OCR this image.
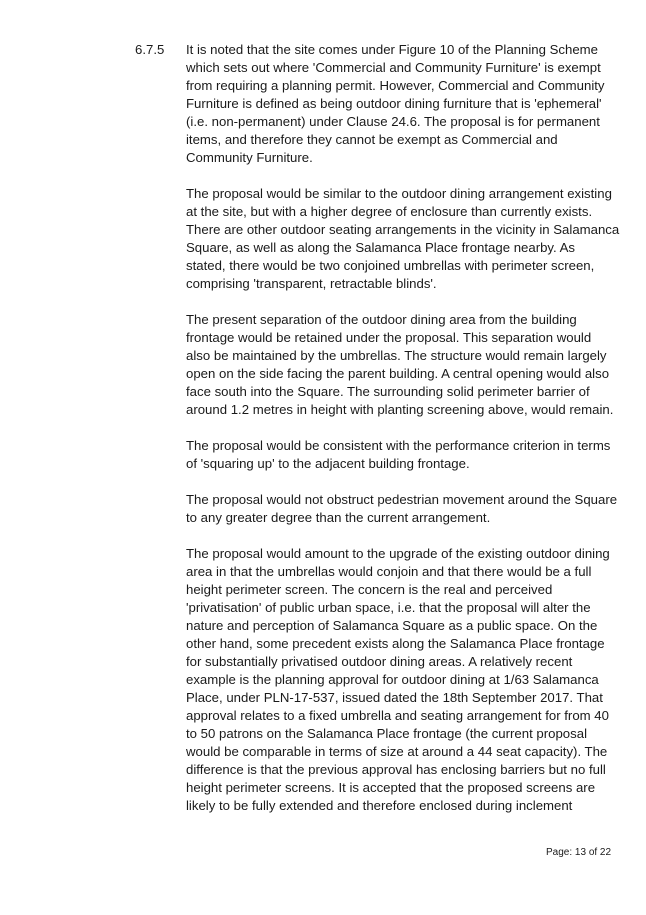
6.7.5 It is noted that the site comes under Figure 10 of the Planning Scheme
which sets out where 'Commercial and Community Furniture' is exempt
from requiring a planning permit. However, Commercial and Community
Furniture is defined as being outdoor dining furniture that is 'ephemeral'
(i.e. non-permanent) under Clause 24.6. The proposal is for permanent
items, and therefore they cannot be exempt as Commercial and
Community Furniture.

The proposal would be similar to the outdoor dining arrangement existing
at the site, but with a higher degree of enclosure than currently exists.
There are other outdoor seating arrangements in the vicinity in Salamanca
Square, as well as along the Salamanca Place frontage nearby. As
stated, there would be two conjoined umbrellas with perimeter screen,
comprising 'transparent, retractable blinds'.

The present separation of the outdoor dining area from the building
frontage would be retained under the proposal. This separation would
also be maintained by the umbrellas. The structure would remain largely
open on the side facing the parent building. A central opening would also
face south into the Square. The surrounding solid perimeter barrier of
around 1.2 metres in height with planting screening above, would remain.

The proposal would be consistent with the performance criterion in terms
of 'squaring up' to the adjacent building frontage.

The proposal would not obstruct pedestrian movement around the Square
to any greater degree than the current arrangement.

The proposal would amount to the upgrade of the existing outdoor dining
area in that the umbrellas would conjoin and that there would be a full
height perimeter screen. The concern is the real and perceived
'privatisation' of public urban space, i.e. that the proposal will alter the
nature and perception of Salamanca Square as a public space. On the
other hand, some precedent exists along the Salamanca Place frontage
for substantially privatised outdoor dining areas. A relatively recent
example is the planning approval for outdoor dining at 1/63 Salamanca
Place, under PLN-17-537, issued dated the 18th September 2017. That
approval relates to a fixed umbrella and seating arrangement for from 40
to 50 patrons on the Salamanca Place frontage (the current proposal
would be comparable in terms of size at around a 44 seat capacity). The
difference is that the previous approval has enclosing barriers but no full
height perimeter screens. It is accepted that the proposed screens are
likely to be fully extended and therefore enclosed during inclement

Page: 13 of 22
